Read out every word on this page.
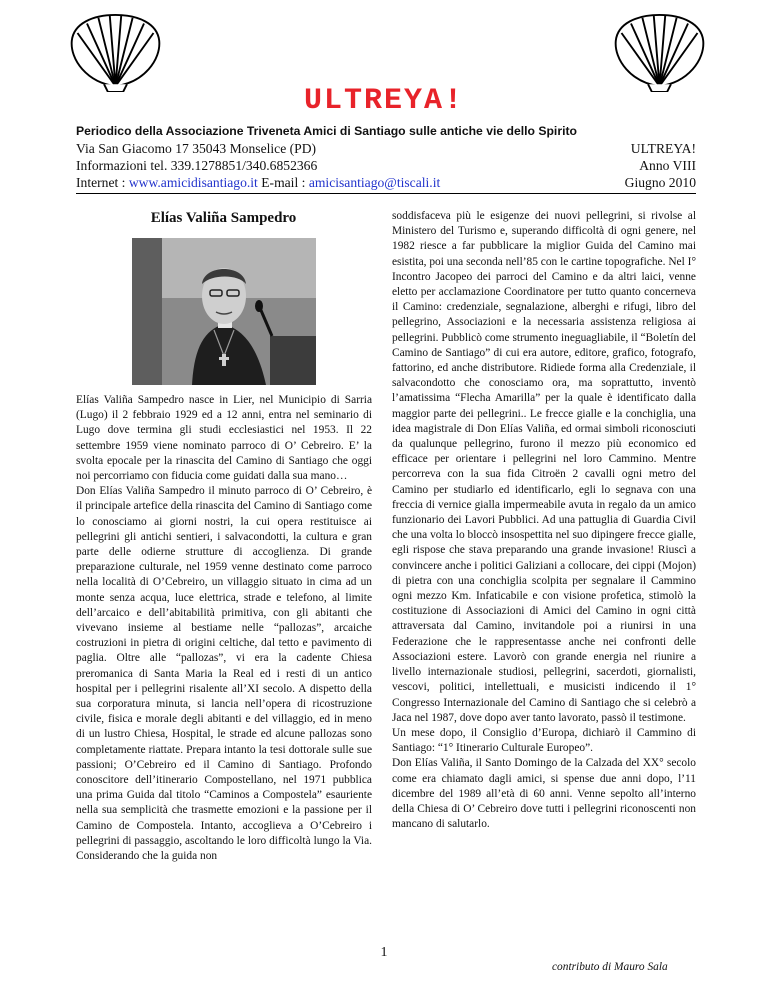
ULTREYA!
Periodico della Associazione Triveneta Amici di Santiago sulle antiche vie dello Spirito
Via San Giacomo 17 35043 Monselice (PD)
Informazioni tel. 339.1278851/340.6852366
Internet : www.amicidisantiago.it E-mail : amicisantiago@tiscali.it
ULTREYA!
Anno VIII
Giugno 2010
Elías Valiña Sampedro

Elías Valiña Sampedro nasce in Lier, nel Municipio di Sarria (Lugo) il 2 febbraio 1929 ed a 12 anni, entra nel seminario di Lugo dove termina gli studi ecclesiastici nel 1953. Il 22 settembre 1959 viene nominato parroco di O’ Cebreiro. E’ la svolta epocale per la rinascita del Camino di Santiago che oggi noi percorriamo con fiducia come guidati dalla sua mano…

Don Elías Valiña Sampedro il minuto parroco di O’ Cebreiro, è il principale artefice della rinascita del Camino di Santiago come lo conosciamo ai giorni nostri, la cui opera restituisce ai pellegrini gli antichi sentieri, i salvacondotti, la cultura e gran parte delle odierne strutture di accoglienza. Di grande preparazione culturale, nel 1959 venne destinato come parroco nella località di O’Cebreiro, un villaggio situato in cima ad un monte senza acqua, luce elettrica, strade e telefono, al limite dell’arcaico e dell’abitabilità primitiva, con gli abitanti che vivevano insieme al bestiame nelle “pallozas”, arcaiche costruzioni in pietra di origini celtiche, dal tetto e pavimento di paglia. Oltre alle “pallozas”, vi era la cadente Chiesa preromanica di Santa Maria la Real ed i resti di un antico hospital per i pellegrini risalente all’XI secolo. A dispetto della sua corporatura minuta, si lancia nell’opera di ricostruzione civile, fisica e morale degli abitanti e del villaggio, ed in meno di un lustro Chiesa, Hospital, le strade ed alcune pallozas sono completamente riattate. Prepara intanto la tesi dottorale sulle sue passioni; O’Cebreiro ed il Camino di Santiago. Profondo conoscitore dell’itinerario Compostellano, nel 1971 pubblica una prima Guida dal titolo “Caminos a Compostela” esauriente nella sua semplicità che trasmette emozioni e la passione per il Camino de Compostela. Intanto, accoglieva a O’Cebreiro i pellegrini di passaggio, ascoltando le loro difficoltà lungo la Via. Considerando che la guida non

soddisfaceva più le esigenze dei nuovi pellegrini, si rivolse al Ministero del Turismo e, superando difficoltà di ogni genere, nel 1982 riesce a far pubblicare la miglior Guida del Camino mai esistita, poi una seconda nell’85 con le cartine topografiche. Nel I° Incontro Jacopeo dei parroci del Camino e da altri laici, venne eletto per acclamazione Coordinatore per tutto quanto concerneva il Camino: credenziale, segnalazione, alberghi e rifugi, libro del pellegrino, Associazioni e la necessaria assistenza religiosa ai pellegrini. Pubblicò come strumento ineguagliabile, il “Boletín del Camino de Santiago” di cui era autore, editore, grafico, fotografo, fattorino, ed anche distributore. Ridiede forma alla Credenziale, il salvacondotto che conosciamo ora, ma soprattutto, inventò l’amatissima “Flecha Amarilla” per la quale è identificato dalla maggior parte dei pellegrini.. Le frecce gialle e la conchiglia, una idea magistrale di Don Elías Valiña, ed ormai simboli riconosciuti da qualunque pellegrino, furono il mezzo più economico ed efficace per orientare i pellegrini nel loro Cammino. Mentre percorreva con la sua fida Citroën 2 cavalli ogni metro del Camino per studiarlo ed identificarlo, egli lo segnava con una freccia di vernice gialla impermeabile avuta in regalo da un amico funzionario dei Lavori Pubblici. Ad una pattuglia di Guardia Civil che una volta lo bloccò insospettita nel suo dipingere frecce gialle, egli rispose che stava preparando una grande invasione! Riuscì a convincere anche i politici Galiziani a collocare, dei cippi (Mojon) di pietra con una conchiglia scolpita per segnalare il Cammino ogni mezzo Km. Infaticabile e con visione profetica, stimolò la costituzione di Associazioni di Amici del Camino in ogni città attraversata dal Camino, invitandole poi a riunirsi in una Federazione che le rappresentasse anche nei confronti delle Associazioni estere. Lavorò con grande energia nel riunire a livello internazionale studiosi, pellegrini, sacerdoti, giornalisti, vescovi, politici, intellettuali, e musicisti indicendo il 1° Congresso Internazionale del Camino di Santiago che si celebrò a Jaca nel 1987, dove dopo aver tanto lavorato, passò il testimone.

Un mese dopo, il Consiglio d’Europa, dichiarò il Cammino di Santiago: “1° Itinerario Culturale Europeo”.

Don Elías Valiña, il Santo Domingo de la Calzada del XX° secolo come era chiamato dagli amici, si spense due anni dopo, l’11 dicembre del 1989 all’età di 60 anni. Venne sepolto all’interno della Chiesa di O’ Cebreiro dove tutti i pellegrini riconoscenti non mancano di salutarlo.

contributo di Mauro Sala
1
